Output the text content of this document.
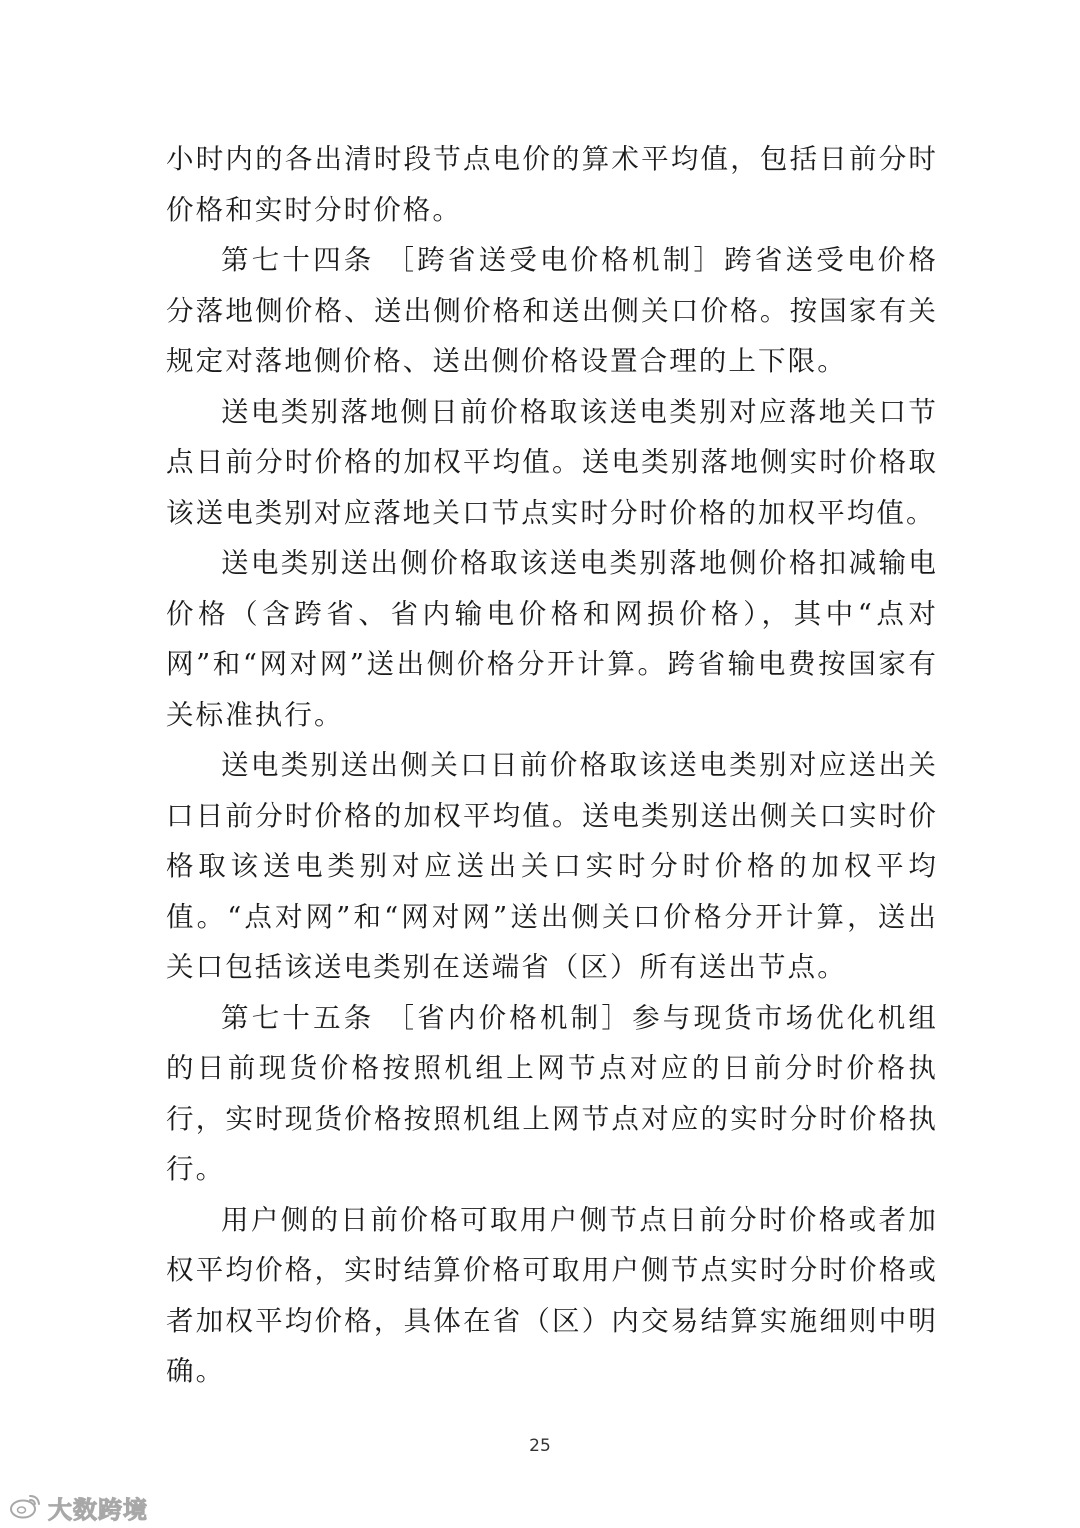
小时内的各出清时段节点电价的算术平均值，包括日前分时价格和实时分时价格。

第七十四条 ［跨省送受电价格机制］跨省送受电价格分落地侧价格、送出侧价格和送出侧关口价格。按国家有关规定对落地侧价格、送出侧价格设置合理的上下限。

送电类别落地侧日前价格取该送电类别对应落地关口节点日前分时价格的加权平均值。送电类别落地侧实时价格取该送电类别对应落地关口节点实时分时价格的加权平均值。

送电类别送出侧价格取该送电类别落地侧价格扣减输电价格（含跨省、省内输电价格和网损价格），其中“点对网”和“网对网”送出侧价格分开计算。跨省输电费按国家有关标准执行。

送电类别送出侧关口日前价格取该送电类别对应送出关口日前分时价格的加权平均值。送电类别送出侧关口实时价格取该送电类别对应送出关口实时分时价格的加权平均值。“点对网”和“网对网”送出侧关口价格分开计算，送出关口包括该送电类别在送端省（区）所有送出节点。

第七十五条 ［省内价格机制］参与现货市场优化机组的日前现货价格按照机组上网节点对应的日前分时价格执行，实时现货价格按照机组上网节点对应的实时分时价格执行。

用户侧的日前价格可取用户侧节点日前分时价格或者加权平均价格，实时结算价格可取用户侧节点实时分时价格或者加权平均价格，具体在省（区）内交易结算实施细则中明确。

25
大数跨境
